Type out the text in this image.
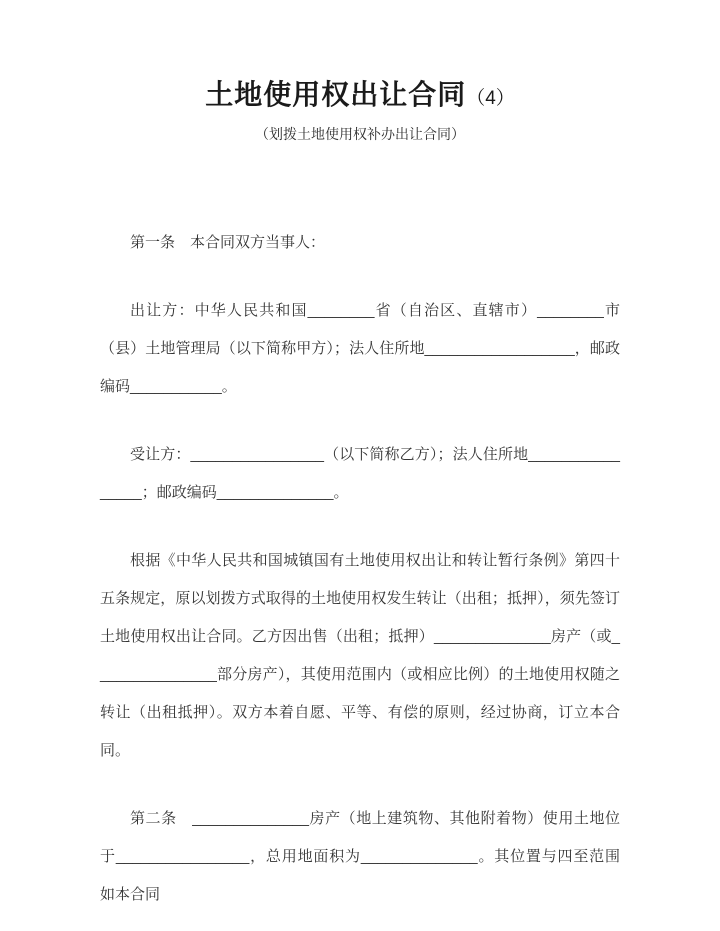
土地使用权出让合同（4）
（划拨土地使用权补办出让合同）

第一条　本合同双方当事人：

出让方：中华人民共和国________省（自治区、直辖市）________市（县）土地管理局（以下简称甲方）；法人住所地__________________，邮政编码___________。

受让方：________________（以下简称乙方）；法人住所地________________；邮政编码______________。

根据《中华人民共和国城镇国有土地使用权出让和转让暂行条例》第四十五条规定，原以划拨方式取得的土地使用权发生转让（出租；抵押），须先签订土地使用权出让合同。乙方因出售（出租；抵押）______________房产（或_______________部分房产），其使用范围内（或相应比例）的土地使用权随之转让（出租抵押）。双方本着自愿、平等、有偿的原则，经过协商，订立本合同。

第二条　______________房产（地上建筑物、其他附着物）使用土地位于________________，总用地面积为______________。其位置与四至范围如本合同
